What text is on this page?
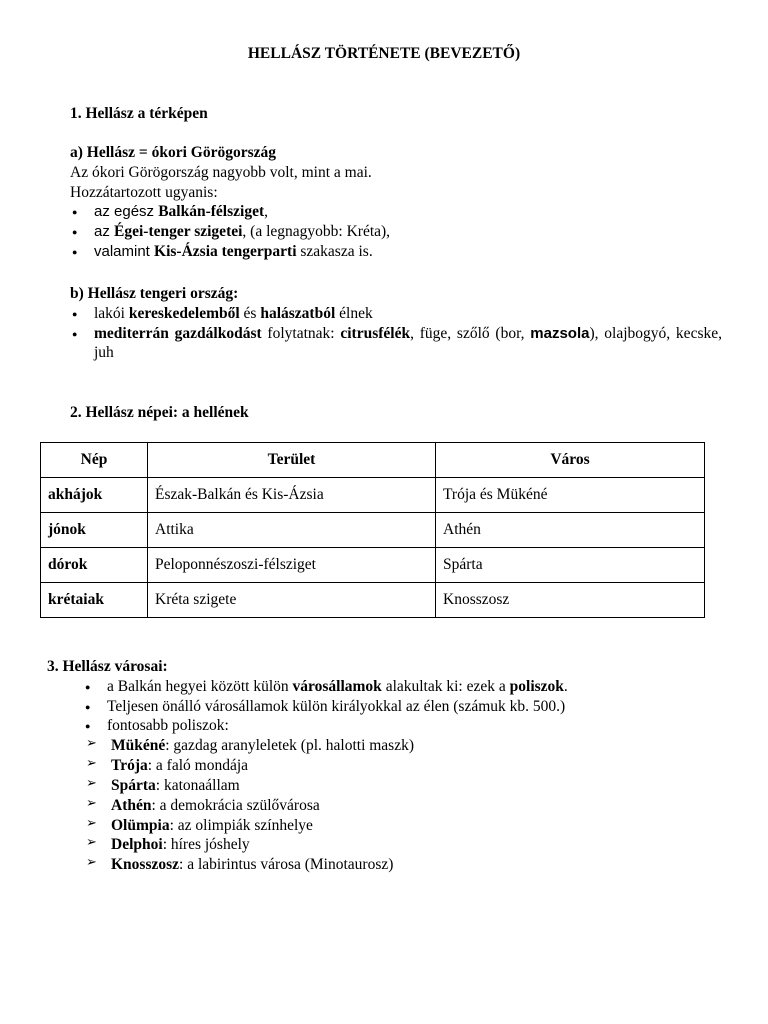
HELLÁSZ TÖRTÉNETE (BEVEZETŐ)
1. Hellász a térképen
a) Hellász = ókori Görögország
Az ókori Görögország nagyobb volt, mint a mai.
Hozzátartozott ugyanis:
● az egész Balkán-félsziget,
● az Égei-tenger szigetei, (a legnagyobb: Kréta),
● valamint Kis-Ázsia tengerparti szakasza is.
b) Hellász tengeri ország:
● lakói kereskedelemből és halászatból élnek
● mediterrán gazdálkodást folytatnak: citrusfélék, füge, szőlő (bor, mazsola), olajbogyó, kecske, juh
2. Hellász népei: a hellének
Nép	Terület	Város
akhájok	Észak-Balkán és Kis-Ázsia	Trója és Mükéné
jónok	Attika	Athén
dórok	Peloponnészoszi-félsziget	Spárta
krétaiak	Kréta szigete	Knosszosz
3. Hellász városai:
● a Balkán hegyei között külön városállamok alakultak ki: ezek a poliszok.
● Teljesen önálló városállamok külön királyokkal az élen (számuk kb. 500.)
● fontosabb poliszok:
➢ Mükéné: gazdag aranyleletek (pl. halotti maszk)
➢ Trója: a faló mondája
➢ Spárta: katonaállam
➢ Athén: a demokrácia szülővárosa
➢ Olümpia: az olimpiák színhelye
➢ Delphoi: híres jóshely
➢ Knosszosz: a labirintus városa (Minotaurosz)
